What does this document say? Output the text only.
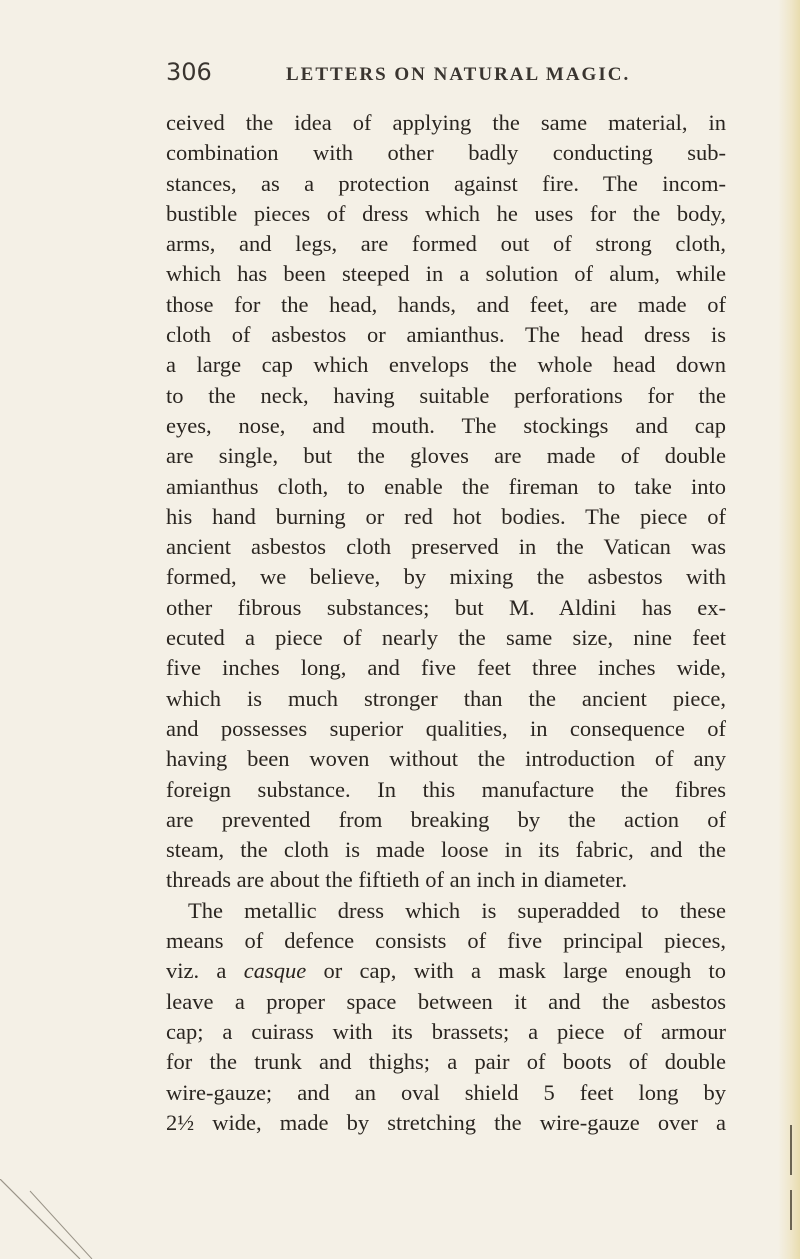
306	LETTERS ON NATURAL MAGIC.
ceived the idea of applying the same material, in
combination with other badly conducting sub-
stances, as a protection against fire. The incom-
bustible pieces of dress which he uses for the body,
arms, and legs, are formed out of strong cloth,
which has been steeped in a solution of alum, while
those for the head, hands, and feet, are made of
cloth of asbestos or amianthus. The head dress is
a large cap which envelops the whole head down
to the neck, having suitable perforations for the
eyes, nose, and mouth. The stockings and cap
are single, but the gloves are made of double
amianthus cloth, to enable the fireman to take into
his hand burning or red hot bodies. The piece of
ancient asbestos cloth preserved in the Vatican was
formed, we believe, by mixing the asbestos with
other fibrous substances; but M. Aldini has ex-
ecuted a piece of nearly the same size, nine feet
five inches long, and five feet three inches wide,
which is much stronger than the ancient piece,
and possesses superior qualities, in consequence of
having been woven without the introduction of any
foreign substance. In this manufacture the fibres
are prevented from breaking by the action of
steam, the cloth is made loose in its fabric, and the
threads are about the fiftieth of an inch in diameter.
The metallic dress which is superadded to these
means of defence consists of five principal pieces,
viz. a casque or cap, with a mask large enough to
leave a proper space between it and the asbestos
cap; a cuirass with its brassets; a piece of armour
for the trunk and thighs; a pair of boots of double
wire-gauze; and an oval shield 5 feet long by
2½ wide, made by stretching the wire-gauze over a
